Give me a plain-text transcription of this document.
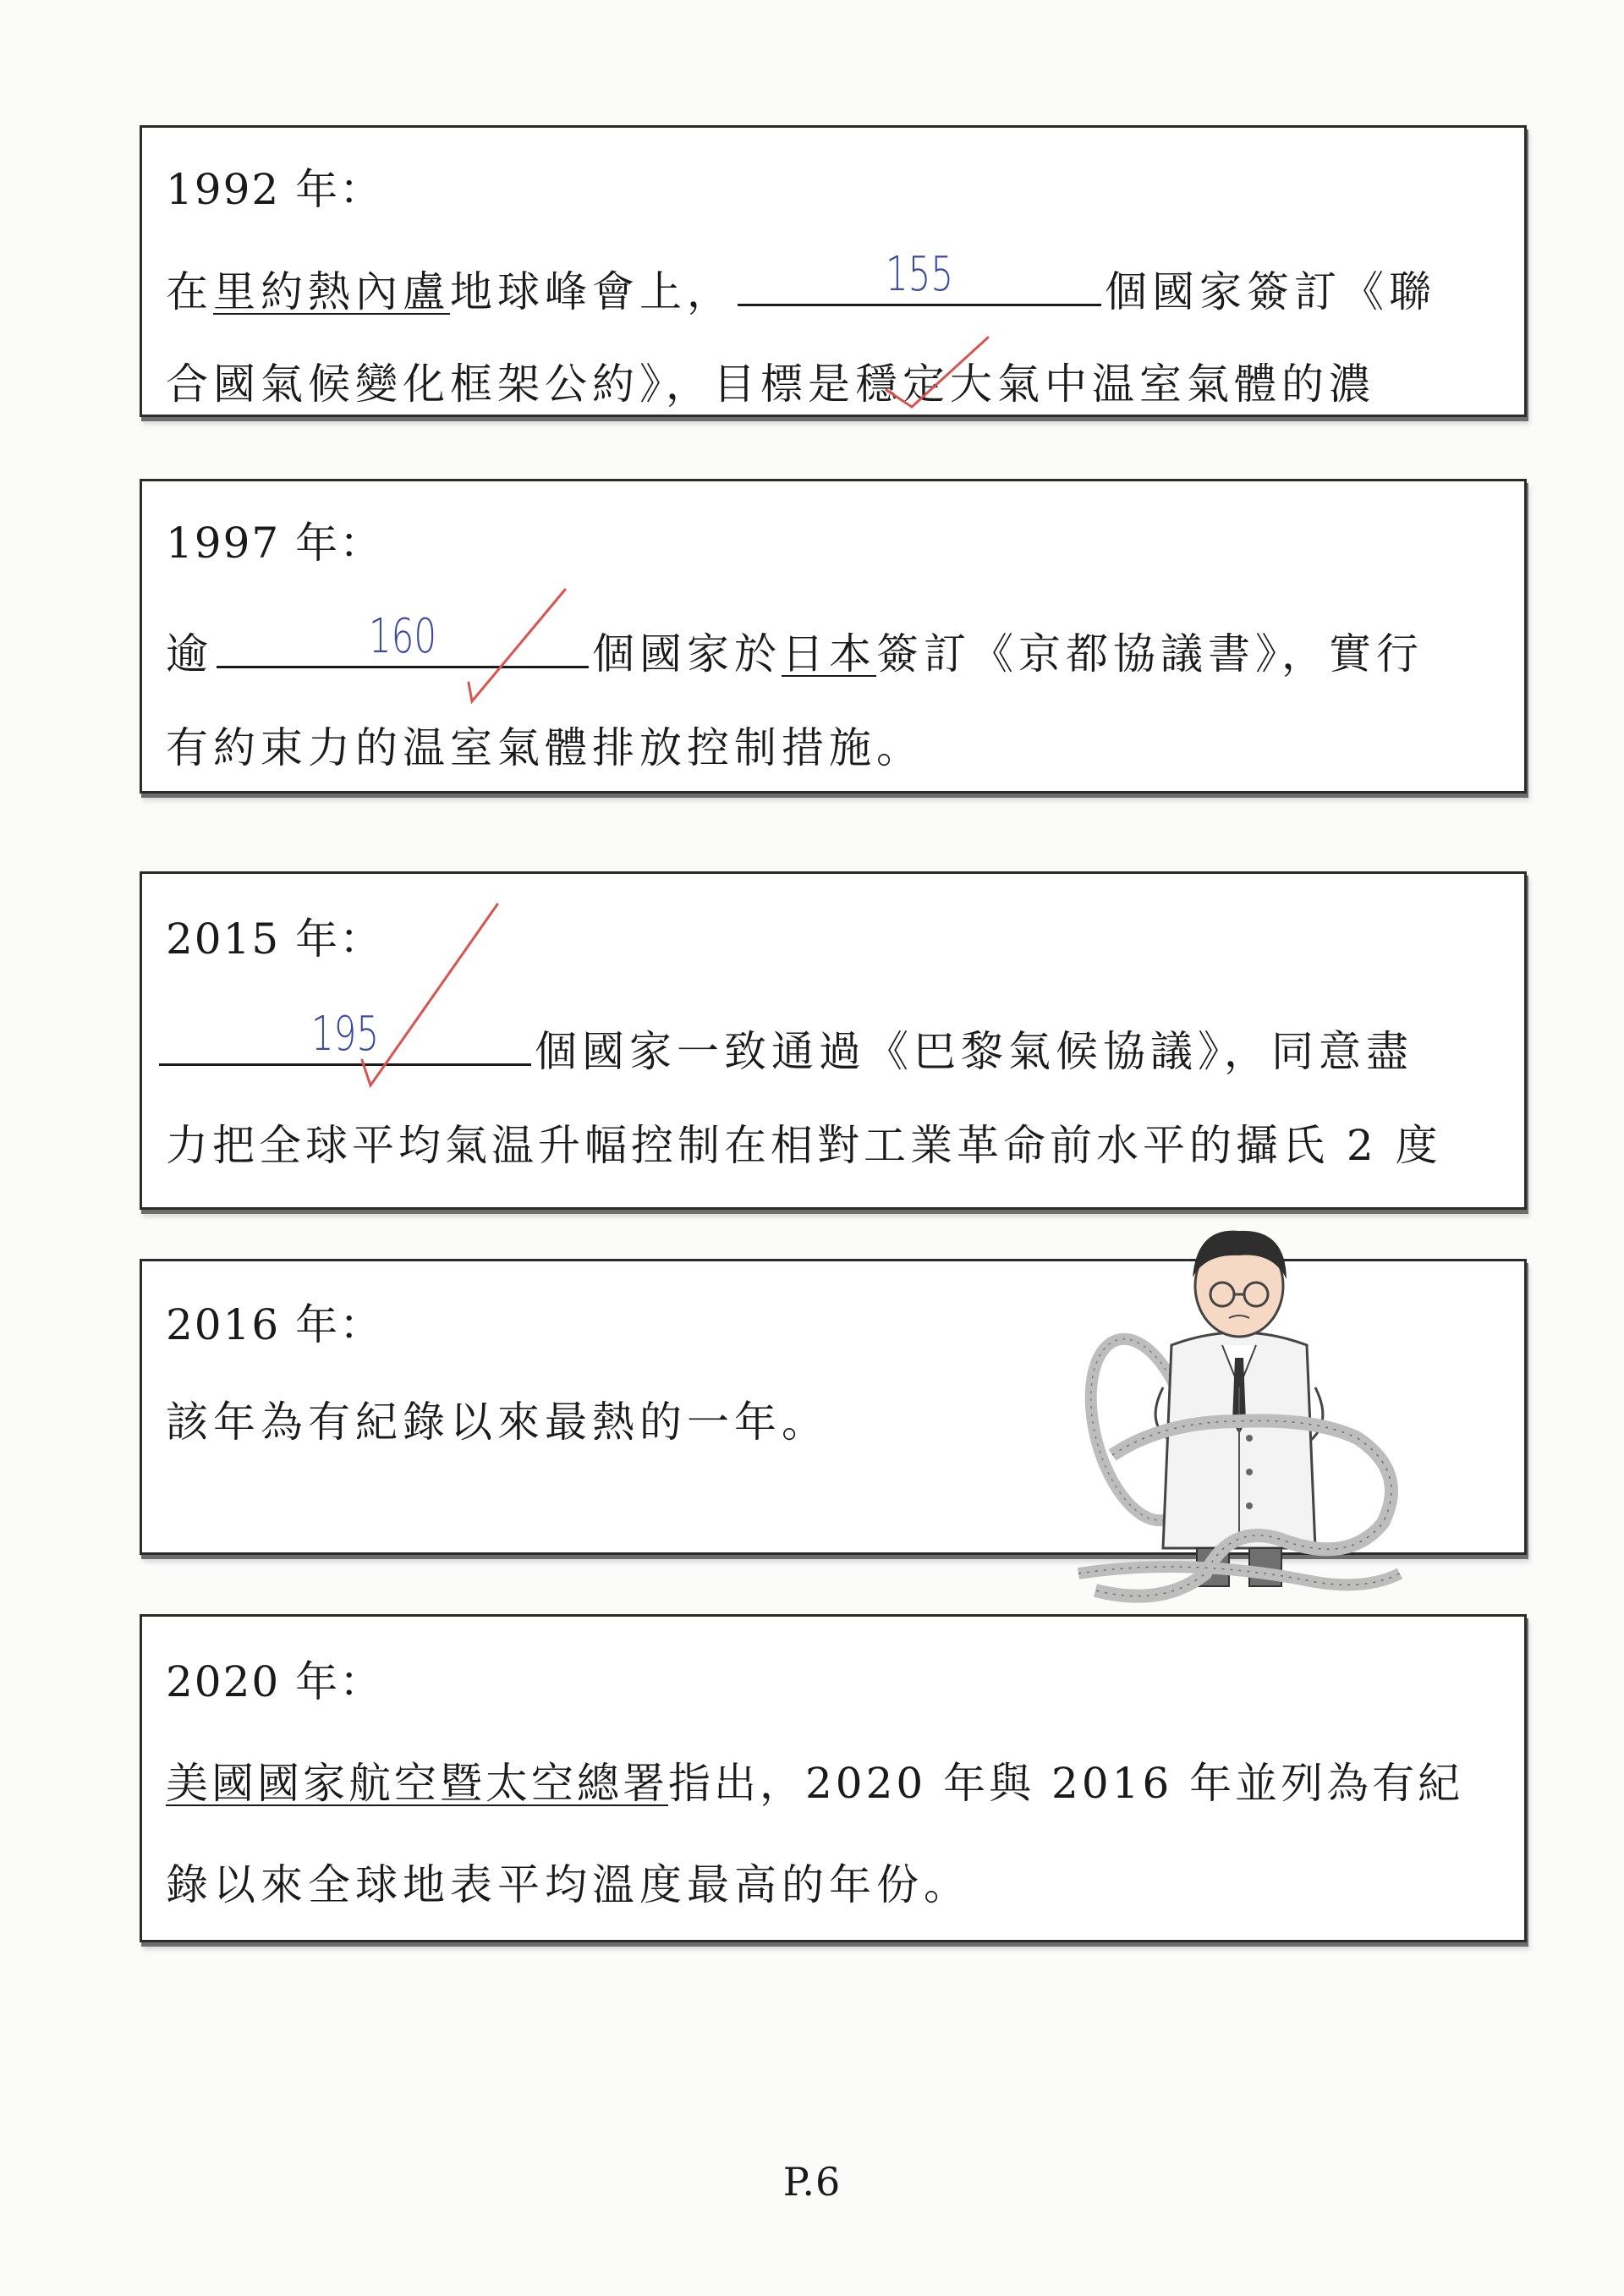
1992 年：
在里約熱內盧地球峰會上，	155	個國家簽訂《聯
合國氣候變化框架公約》，目標是穩定大氣中温室氣體的濃
1997 年：
逾	160	個國家於日本簽訂《京都協議書》，實行
有約束力的温室氣體排放控制措施。
2015 年：
195	個國家一致通過《巴黎氣候協議》，同意盡
力把全球平均氣温升幅控制在相對工業革命前水平的攝氏 2 度
2016 年：
該年為有紀錄以來最熱的一年。
2020 年：
美國國家航空暨太空總署指出，2020 年與 2016 年並列為有紀
錄以來全球地表平均溫度最高的年份。
P.6
